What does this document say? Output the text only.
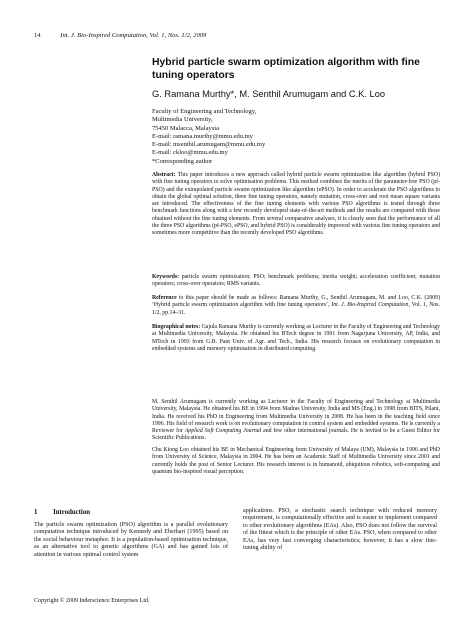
14	Int. J. Bio-Inspired Computation, Vol. 1, Nos. 1/2, 2009
Hybrid particle swarm optimization algorithm with fine tuning operators
G. Ramana Murthy*, M. Senthil Arumugam and C.K. Loo
Faculty of Engineering and Technology,
Multimedia University,
75450 Malacca, Malaysia
E-mail: ramana.murthy@mmu.edu.my
E-mail: msenthil.arumugam@mmu.edu.my
E-mail: ckloo@mmu.edu.my
*Corresponding author

Abstract: This paper introduces a new approach called hybrid particle swarm optimization like algorithm (hybrid PSO) with fine tuning operators to solve optimisation problems. This method combines the merits of the parameter-free PSO (pf-PSO) and the extrapolated particle swarm optimization like algorithm (ePSO). In order to accelerate the PSO algorithms to obtain the global optimal solution, three fine tuning operators, namely mutation, cross-over and root mean square variants are introduced. The effectiveness of the fine tuning elements with various PSO algorithms is tested through three benchmark functions along with a few recently developed state-of-the-art methods and the results are compared with those obtained without the fine tuning elements. From several comparative analyses, it is clearly seen that the performance of all the three PSO algorithms (pf-PSO, ePSO, and hybrid PSO) is considerably improved with various fine tuning operators and sometimes more competitive than the recently developed PSO algorithms.

Keywords: particle swarm optimization; PSO; benchmark problems; inertia weight; acceleration coefficient; mutation operators; cross-over operators; RMS variants.

Reference to this paper should be made as follows: Ramana Murthy, G., Senthil Arumugam, M. and Loo, C.K. (2009) ‘Hybrid particle swarm optimization algorithm with fine tuning operators’, Int. J. Bio-Inspired Computation, Vol. 1, Nos. 1/2, pp.14–31.

Biographical notes: Gajula Ramana Murthy is currently working as Lecturer in the Faculty of Engineering and Technology at Multimedia University, Malaysia. He obtained his BTech degree in 1991 from Nagarjuna University, AP, India, and MTech in 1993 from G.B. Pant Univ. of Agr. and Tech., India. His research focuses on evolutionary computation in embedded systems and memory optimisation in distributed computing.

M. Senthil Arumugam is currently working as Lecturer in the Faculty of Engineering and Technology at Multimedia University, Malaysia. He obtained his BE in 1994 from Madras University, India and MS (Eng.) in 1998 from BITS, Pilani, India. He received his PhD in Engineering from Multimedia University in 2008. He has been in the teaching field since 1996. His field of research work is on evolutionary computation in control system and embedded systems. He is currently a Reviewer for Applied Soft Computing Journal and few other international journals. He is invited to be a Guest Editor for Scientific Publications.

Chu Kiong Loo obtained his BE in Mechanical Engineering from University of Malaya (UM), Malaysia in 1996 and PhD from University of Science, Malaysia in 2004. He has been an Academic Staff of Multimedia University since 2001 and currently holds the post of Senior Lecturer. His research interest is in humanoid, ubiquitous robotics, soft-computing and quantum bio-inspired visual perception.

1 Introduction
The particle swarm optimization (PSO) algorithm is a parallel evolutionary computation technique introduced by Kennedy and Eberhart (1995) based on the social behaviour metaphor. It is a population-based optimisation technique, as an alternative tool to genetic algorithms (GA) and has gained lots of attention in various optimal control system
applications. PSO, a stochastic search technique with reduced memory requirement, is computationally effective and is easier to implement compared to other evolutionary algorithms (EAs). Also, PSO does not follow the survival of the fittest which is the principle of other EAs. PSO, when compared to other EAs, has very fast converging characteristics; however, it has a slow fine-tuning ability of
Copyright © 2009 Inderscience Enterprises Ltd.
